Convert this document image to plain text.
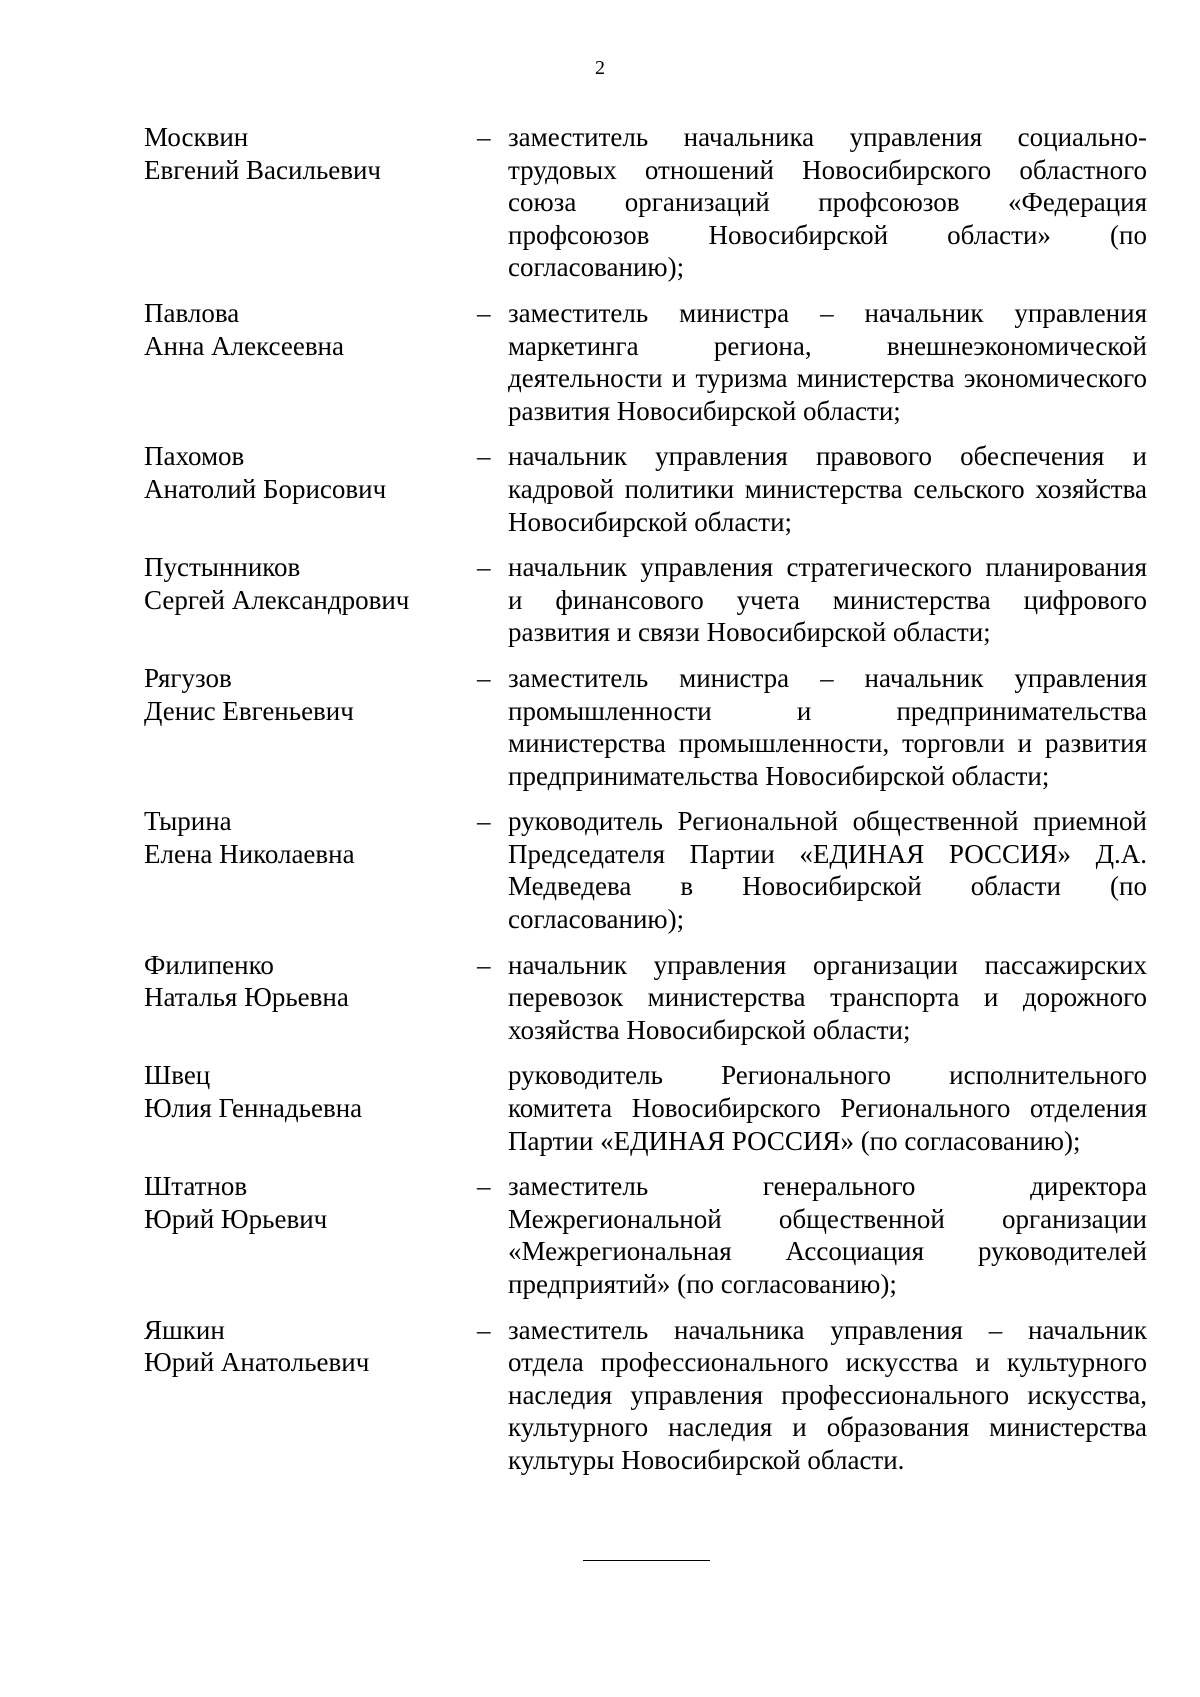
2
Москвин
Евгений Васильевич
– заместитель начальника управления социально-трудовых отношений Новосибирского областного союза организаций профсоюзов «Федерация профсоюзов Новосибирской области» (по согласованию);
Павлова
Анна Алексеевна
– заместитель министра – начальник управления маркетинга региона, внешнеэкономической деятельности и туризма министерства экономического развития Новосибирской области;
Пахомов
Анатолий Борисович
– начальник управления правового обеспечения и кадровой политики министерства сельского хозяйства Новосибирской области;
Пустынников
Сергей Александрович
– начальник управления стратегического планирования и финансового учета министерства цифрового развития и связи Новосибирской области;
Рягузов
Денис Евгеньевич
– заместитель министра – начальник управления промышленности и предпринимательства министерства промышленности, торговли и развития предпринимательства Новосибирской области;
Тырина
Елена Николаевна
– руководитель Региональной общественной приемной Председателя Партии «ЕДИНАЯ РОССИЯ» Д.А. Медведева в Новосибирской области (по согласованию);
Филипенко
Наталья Юрьевна
– начальник управления организации пассажирских перевозок министерства транспорта и дорожного хозяйства Новосибирской области;
Швец
Юлия Геннадьевна
руководитель Регионального исполнительного комитета Новосибирского Регионального отделения Партии «ЕДИНАЯ РОССИЯ» (по согласованию);
Штатнов
Юрий Юрьевич
– заместитель генерального директора Межрегиональной общественной организации «Межрегиональная Ассоциация руководителей предприятий» (по согласованию);
Яшкин
Юрий Анатольевич
– заместитель начальника управления – начальник отдела профессионального искусства и культурного наследия управления профессионального искусства, культурного наследия и образования министерства культуры Новосибирской области.
